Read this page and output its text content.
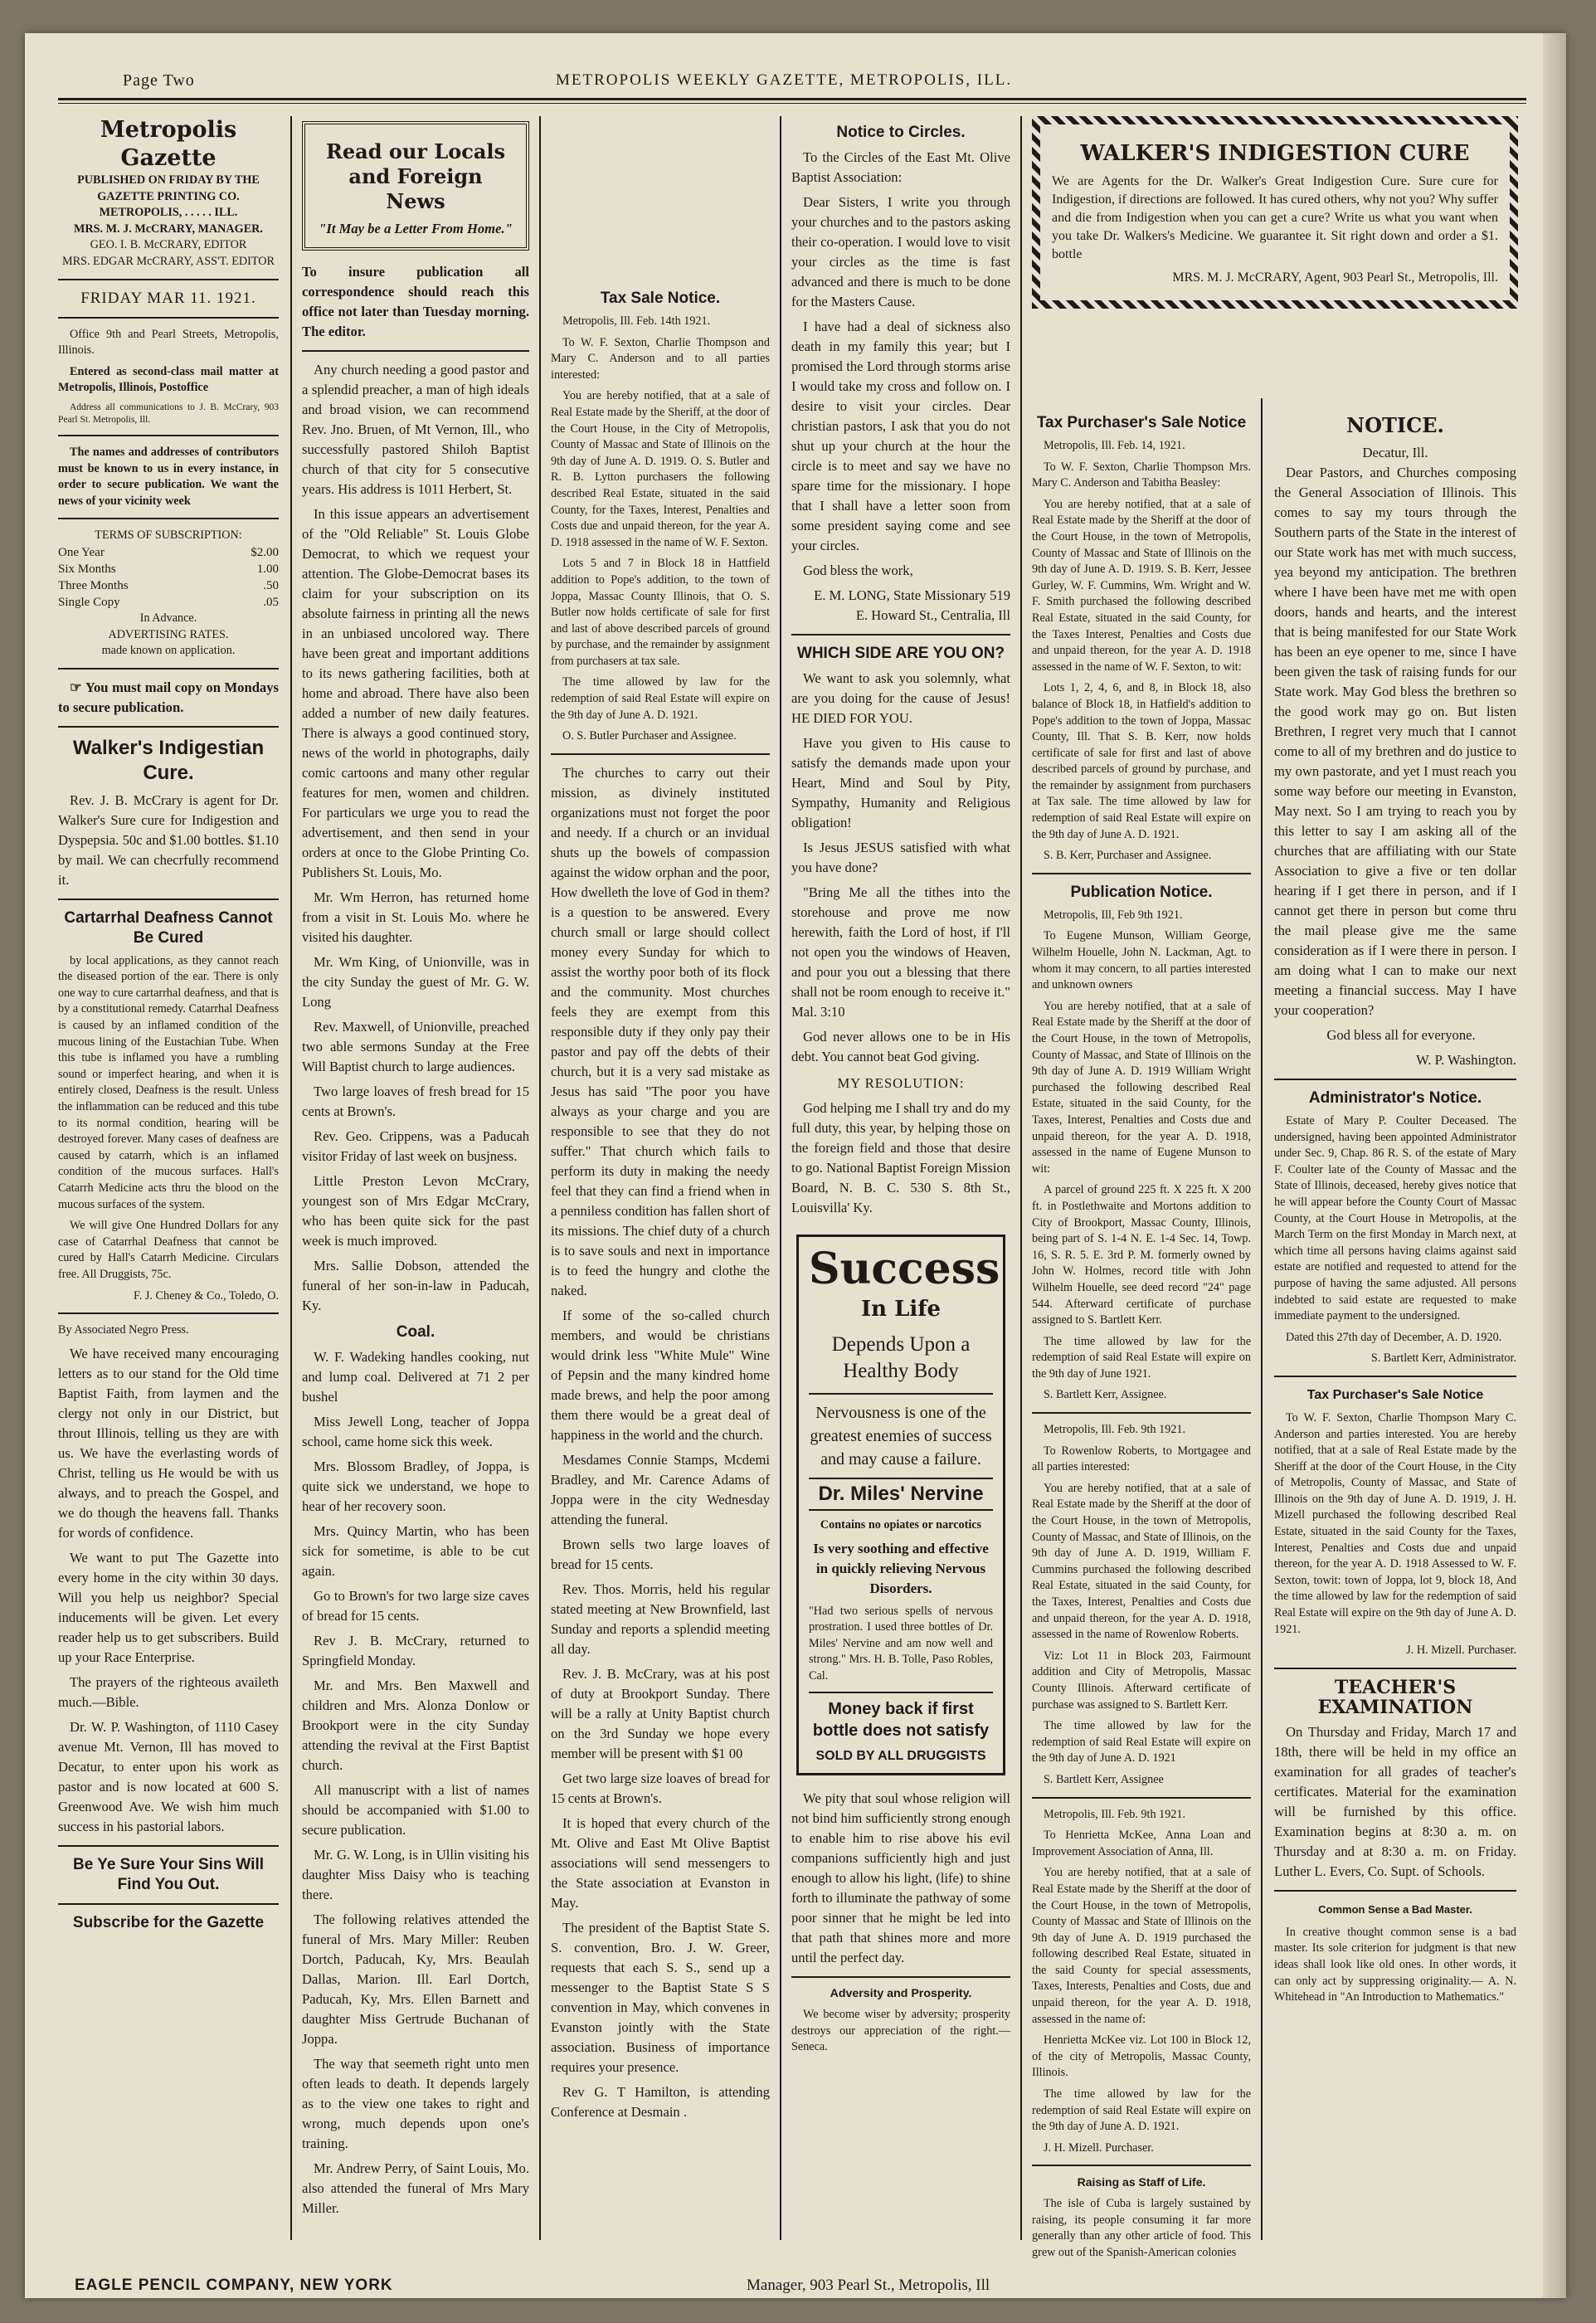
Page Two	METROPOLIS WEEKLY GAZETTE, METROPOLIS, ILL.
Metropolis Gazette
PUBLISHED ON FRIDAY BY THE GAZETTE PRINTING CO.
METROPOLIS, . . . . . ILL.
MRS. M. J. McCRARY, MANAGER.
GEO. I. B. McCRARY, EDITOR
MRS. EDGAR McCRARY, ASS'T. EDITOR
FRIDAY MAR 11. 1921.

Office 9th and Pearl Streets, Metropolis, Illinois.

Entered as second-class mail matter at Metropolis, Illinois, Postoffice

Address all communications to J. B. McCrary, 903 Pearl St. Metropolis, Ill.

The names and addresses of contributors must be known to us in every instance, in order to secure publication. We want the news of your vicinity week

TERMS OF SUBSCRIPTION:
One Year	$2.00
Six Months	1.00
Three Months	.50
Single Copy	.05
In Advance.
ADVERTISING RATES.
made known on application.

☞ You must mail copy on Mondays to secure publication.

Walker's Indigestian Cure.

Rev. J. B. McCrary is agent for Dr. Walker's Sure cure for Indigestion and Dyspepsia. 50c and $1.00 bottles. $1.10 by mail. We can checrfully recommend it.

Cartarrhal Deafness Cannot Be Cured

by local applications, as they cannot reach the diseased portion of the ear. There is only one way to cure cartarrhal deafness, and that is by a constitutional remedy. Catarrhal Deafness is caused by an inflamed condition of the mucous lining of the Eustachian Tube. When this tube is inflamed you have a rumbling sound or imperfect hearing, and when it is entirely closed, Deafness is the result. Unless the inflammation can be reduced and this tube to its normal condition, hearing will be destroyed forever. Many cases of deafness are caused by catarrh, which is an inflamed condition of the mucous surfaces. Hall's Catarrh Medicine acts thru the blood on the mucous surfaces of the system.

We will give One Hundred Dollars for any case of Catarrhal Deafness that cannot be cured by Hall's Catarrh Medicine. Circulars free. All Druggists, 75c.

F. J. Cheney & Co., Toledo, O.

By Associated Negro Press.

We have received many encouraging letters as to our stand for the Old time Baptist Faith, from laymen and the clergy not only in our District, but throut Illinois, telling us they are with us. We have the everlasting words of Christ, telling us He would be with us always, and to preach the Gospel, and we do though the heavens fall. Thanks for words of confidence.

We want to put The Gazette into every home in the city within 30 days. Will you help us neighbor? Special inducements will be given. Let every reader help us to get subscribers. Build up your Race Enterprise.

The prayers of the righteous availeth much.—Bible.

Dr. W. P. Washington, of 1110 Casey avenue Mt. Vernon, Ill has moved to Decatur, to enter upon his work as pastor and is now located at 600 S. Greenwood Ave. We wish him much success in his pastorial labors.

Be Ye Sure Your Sins Will Find You Out.
Subscribe for the Gazette
Read our Locals and Foreign News
"It May be a Letter From Home."

To insure publication all correspondence should reach this office not later than Tuesday morning. The editor.

Any church needing a good pastor and a splendid preacher, a man of high ideals and broad vision, we can recommend Rev. Jno. Bruen, of Mt Vernon, Ill., who successfully pastored Shiloh Baptist church of that city for 5 consecutive years. His address is 1011 Herbert, St.

In this issue appears an advertisement of the "Old Reliable" St. Louis Globe Democrat, to which we request your attention. The Globe-Democrat bases its claim for your subscription on its absolute fairness in printing all the news in an unbiased uncolored way. There have been great and important additions to its news gathering facilities, both at home and abroad. There have also been added a number of new daily features. There is always a good continued story, news of the world in photographs, daily comic cartoons and many other regular features for men, women and children. For particulars we urge you to read the advertisement, and then send in your orders at once to the Globe Printing Co. Publishers St. Louis, Mo.

Mr. Wm Herron, has returned home from a visit in St. Louis Mo. where he visited his daughter.

Mr. Wm King, of Unionville, was in the city Sunday the guest of Mr. G. W. Long

Rev. Maxwell, of Unionville, preached two able sermons Sunday at the Free Will Baptist church to large audiences.

Two large loaves of fresh bread for 15 cents at Brown's.

Rev. Geo. Crippens, was a Paducah visitor Friday of last week on busjness.

Little Preston Levon McCrary, youngest son of Mrs Edgar McCrary, who has been quite sick for the past week is much improved.

Mrs. Sallie Dobson, attended the funeral of her son-in-law in Paducah, Ky.

Coal.

W. F. Wadeking handles cooking, nut and lump coal. Delivered at 71 2 per bushel

Miss Jewell Long, teacher of Joppa school, came home sick this week.

Mrs. Blossom Bradley, of Joppa, is quite sick we understand, we hope to hear of her recovery soon.

Mrs. Quincy Martin, who has been sick for sometime, is able to be cut again.

Go to Brown's for two large size caves of bread for 15 cents.

Rev J. B. McCrary, returned to Springfield Monday.

Mr. and Mrs. Ben Maxwell and children and Mrs. Alonza Donlow or Brookport were in the city Sunday attending the revival at the First Baptist church.

All manuscript with a list of names should be accompanied with $1.00 to secure publication.

Mr. G. W. Long, is in Ullin visiting his daughter Miss Daisy who is teaching there.

The following relatives attended the funeral of Mrs. Mary Miller: Reuben Dortch, Paducah, Ky, Mrs. Beaulah Dallas, Marion. Ill. Earl Dortch, Paducah, Ky, Mrs. Ellen Barnett and daughter Miss Gertrude Buchanan of Joppa.

The way that seemeth right unto men often leads to death. It depends largely as to the view one takes to right and wrong, much depends upon one's training.

Mr. Andrew Perry, of Saint Louis, Mo. also attended the funeral of Mrs Mary Miller.

Tax Sale Notice.

Metropolis, Ill. Feb. 14th 1921.

To W. F. Sexton, Charlie Thompson and Mary C. Anderson and to all parties interested:

You are hereby notified, that at a sale of Real Estate made by the Sheriff, at the door of the Court House, in the City of Metropolis, County of Massac and State of Illinois on the 9th day of June A. D. 1919. O. S. Butler and R. B. Lytton purchasers the following described Real Estate, situated in the said County, for the Taxes, Interest, Penalties and Costs due and unpaid thereon, for the year A. D. 1918 assessed in the name of W. F. Sexton.

Lots 5 and 7 in Block 18 in Hattfield addition to Pope's addition, to the town of Joppa, Massac County Illinois, that O. S. Butler now holds certificate of sale for first and last of above described parcels of ground by purchase, and the remainder by assignment from purchasers at tax sale.

The time allowed by law for the redemption of said Real Estate will expire on the 9th day of June A. D. 1921.

O. S. Butler Purchaser and Assignee.

The churches to carry out their mission, as divinely instituted organizations must not forget the poor and needy. If a church or an invidual shuts up the bowels of compassion against the widow orphan and the poor, How dwelleth the love of God in them? is a question to be answered. Every church small or large should collect money every Sunday for which to assist the worthy poor both of its flock and the community. Most churches feels they are exempt from this responsible duty if they only pay their pastor and pay off the debts of their church, but it is a very sad mistake as Jesus has said "The poor you have always as your charge and you are responsible to see that they do not suffer." That church which fails to perform its duty in making the needy feel that they can find a friend when in a penniless condition has fallen short of its missions. The chief duty of a church is to save souls and next in importance is to feed the hungry and clothe the naked.

If some of the so-called church members, and would be christians would drink less "White Mule" Wine of Pepsin and the many kindred home made brews, and help the poor among them there would be a great deal of happiness in the world and the church.

Mesdames Connie Stamps, Mcdemi Bradley, and Mr. Carence Adams of Joppa were in the city Wednesday attending the funeral.

Brown sells two large loaves of bread for 15 cents.

Rev. Thos. Morris, held his regular stated meeting at New Brownfield, last Sunday and reports a splendid meeting all day.

Rev. J. B. McCrary, was at his post of duty at Brookport Sunday. There will be a rally at Unity Baptist church on the 3rd Sunday we hope every member will be present with $1 00

Get two large size loaves of bread for 15 cents at Brown's.

It is hoped that every church of the Mt. Olive and East Mt Olive Baptist associations will send messengers to the State association at Evanston in May.

The president of the Baptist State S. S. convention, Bro. J. W. Greer, requests that each S. S., send up a messenger to the Baptist State S S convention in May, which convenes in Evanston jointly with the State association. Business of importance requires your presence.

Rev G. T Hamilton, is attending Conference at Desmain .

Notice to Circles.

To the Circles of the East Mt. Olive Baptist Association:

Dear Sisters, I write you through your churches and to the pastors asking their co-operation. I would love to visit your circles as the time is fast advanced and there is much to be done for the Masters Cause.

I have had a deal of sickness also death in my family this year; but I promised the Lord through storms arise I would take my cross and follow on. I desire to visit your circles. Dear christian pastors, I ask that you do not shut up your church at the hour the circle is to meet and say we have no spare time for the missionary. I hope that I shall have a letter soon from some president saying come and see your circles.

God bless the work,

E. M. LONG, State Missionary 519 E. Howard St., Centralia, Ill

WHICH SIDE ARE YOU ON?

We want to ask you solemnly, what are you doing for the cause of Jesus! HE DIED FOR YOU.

Have you given to His cause to satisfy the demands made upon your Heart, Mind and Soul by Pity, Sympathy, Humanity and Religious obligation!

Is Jesus JESUS satisfied with what you have done?

"Bring Me all the tithes into the storehouse and prove me now herewith, faith the Lord of host, if I'll not open you the windows of Heaven, and pour you out a blessing that there shall not be room enough to receive it." Mal. 3:10

God never allows one to be in His debt. You cannot beat God giving.

MY RESOLUTION:

God helping me I shall try and do my full duty, this year, by helping those on the foreign field and those that desire to go. National Baptist Foreign Mission Board, N. B. C. 530 S. 8th St., Louisvilla' Ky.

Success
In Life
Depends Upon a Healthy Body
Nervousness is one of the greatest enemies of success and may cause a failure.
Dr. Miles' Nervine
Contains no opiates or narcotics
Is very soothing and effective in quickly relieving Nervous Disorders.
"Had two serious spells of nervous prostration. I used three bottles of Dr. Miles' Nervine and am now well and strong." Mrs. H. B. Tolle, Paso Robles, Cal.
Money back if first bottle does not satisfy
SOLD BY ALL DRUGGISTS

We pity that soul whose religion will not bind him sufficiently strong enough to enable him to rise above his evil companions sufficiently high and just enough to allow his light, (life) to shine forth to illuminate the pathway of some poor sinner that he might be led into that path that shines more and more until the perfect day.

Adversity and Prosperity.

We become wiser by adversity; prosperity destroys our appreciation of the right.—Seneca.

WALKER'S INDIGESTION CURE

We are Agents for the Dr. Walker's Great Indigestion Cure. Sure cure for Indigestion, if directions are followed. It has cured others, why not you? Why suffer and die from Indigestion when you can get a cure? Write us what you want when you take Dr. Walkers's Medicine. We guarantee it. Sit right down and order a $1. bottle

MRS. M. J. McCRARY, Agent, 903 Pearl St., Metropolis, Ill.

Tax Purchaser's Sale Notice

Metropolis, Ill. Feb. 14, 1921.

To W. F. Sexton, Charlie Thompson Mrs. Mary C. Anderson and Tabitha Beasley:

You are hereby notified, that at a sale of Real Estate made by the Sheriff at the door of the Court House, in the town of Metropolis, County of Massac and State of Illinois on the 9th day of June A. D. 1919. S. B. Kerr, Jessee Gurley, W. F. Cummins, Wm. Wright and W. F. Smith purchased the following described Real Estate, situated in the said County, for the Taxes Interest, Penalties and Costs due and unpaid thereon, for the year A. D. 1918 assessed in the name of W. F. Sexton, to wit:

Lots 1, 2, 4, 6, and 8, in Block 18, also balance of Block 18, in Hatfield's addition to Pope's addition to the town of Joppa, Massac County, Ill. That S. B. Kerr, now holds certificate of sale for first and last of above described parcels of ground by purchase, and the remainder by assignment from purchasers at Tax sale. The time allowed by law for redemption of said Real Estate will expire on the 9th day of June A. D. 1921.

S. B. Kerr, Purchaser and Assignee.

Publication Notice.

Metropolis, Ill, Feb 9th 1921.

To Eugene Munson, William George, Wilhelm Houelle, John N. Lackman, Agt. to whom it may concern, to all parties interested and unknown owners

You are hereby notified, that at a sale of Real Estate made by the Sheriff at the door of the Court House, in the town of Metropolis, County of Massac, and State of Illinois on the 9th day of June A. D. 1919 William Wright purchased the following described Real Estate, situated in the said County, for the Taxes, Interest, Penalties and Costs due and unpaid thereon, for the year A. D. 1918, assessed in the name of Eugene Munson to wit:

A parcel of ground 225 ft. X 225 ft. X 200 ft. in Postlethwaite and Mortons addition to City of Brookport, Massac County, Illinois, being part of S. 1-4 N. E. 1-4 Sec. 14, Towp. 16, S. R. 5. E. 3rd P. M. formerly owned by John W. Holmes, record title with John Wilhelm Houelle, see deed record "24" page 544. Afterward certificate of purchase assigned to S. Bartlett Kerr.

The time allowed by law for the redemption of said Real Estate will expire on the 9th day of June 1921.

S. Bartlett Kerr, Assignee.

Metropolis, Ill. Feb. 9th 1921.

To Rowenlow Roberts, to Mortgagee and all parties interested:

You are hereby notified, that at a sale of Real Estate made by the Sheriff at the door of the Court House, in the town of Metropolis, County of Massac, and State of Illinois, on the 9th day of June A. D. 1919, William F. Cummins purchased the following described Real Estate, situated in the said County, for the Taxes, Interest, Penalties and Costs due and unpaid thereon, for the year A. D. 1918, assessed in the name of Rowenlow Roberts.

Viz: Lot 11 in Block 203, Fairmount addition and City of Metropolis, Massac County Illinois. Afterward certificate of purchase was assigned to S. Bartlett Kerr.

The time allowed by law for the redemption of said Real Estate will expire on the 9th day of June A. D. 1921

S. Bartlett Kerr, Assignee

Metropolis, Ill. Feb. 9th 1921.

To Henrietta McKee, Anna Loan and Improvement Association of Anna, Ill.

You are hereby notified, that at a sale of Real Estate made by the Sheriff at the door of the Court House, in the town of Metropolis, County of Massac and State of Illinois on the 9th day of June A. D. 1919 purchased the following described Real Estate, situated in the said County for special assessments, Taxes, Interests, Penalties and Costs, due and unpaid thereon, for the year A. D. 1918, assessed in the name of:

Henrietta McKee viz. Lot 100 in Block 12, of the city of Metropolis, Massac County, Illinois.

The time allowed by law for the redemption of said Real Estate will expire on the 9th day of June A. D. 1921.

J. H. Mizell. Purchaser.

Raising as Staff of Life.

The isle of Cuba is largely sustained by raising, its people consuming it far more generally than any other article of food. This grew out of the Spanish-American colonies

NOTICE.
Decatur, Ill.

Dear Pastors, and Churches composing the General Association of Illinois. This comes to say my tours through the Southern parts of the State in the interest of our State work has met with much success, yea beyond my anticipation. The brethren where I have been have met me with open doors, hands and hearts, and the interest that is being manifested for our State Work has been an eye opener to me, since I have been given the task of raising funds for our State work. May God bless the brethren so the good work may go on. But listen Brethren, I regret very much that I cannot come to all of my brethren and do justice to my own pastorate, and yet I must reach you some way before our meeting in Evanston, May next. So I am trying to reach you by this letter to say I am asking all of the churches that are affiliating with our State Association to give a five or ten dollar hearing if I get there in person, and if I cannot get there in person but come thru the mail please give me the same consideration as if I were there in person. I am doing what I can to make our next meeting a financial success. May I have your cooperation?

God bless all for everyone.

W. P. Washington.

Administrator's Notice.

Estate of Mary P. Coulter Deceased. The undersigned, having been appointed Administrator under Sec. 9, Chap. 86 R. S. of the estate of Mary F. Coulter late of the County of Massac and the State of Illinois, deceased, hereby gives notice that he will appear before the County Court of Massac County, at the Court House in Metropolis, at the March Term on the first Monday in March next, at which time all persons having claims against said estate are notified and requested to attend for the purpose of having the same adjusted. All persons indebted to said estate are requested to make immediate payment to the undersigned.

Dated this 27th day of December, A. D. 1920.

S. Bartlett Kerr, Administrator.

Tax Purchaser's Sale Notice

To W. F. Sexton, Charlie Thompson Mary C. Anderson and parties interested. You are hereby notified, that at a sale of Real Estate made by the Sheriff at the door of the Court House, in the City of Metropolis, County of Massac, and State of Illinois on the 9th day of June A. D. 1919, J. H. Mizell purchased the following described Real Estate, situated in the said County for the Taxes, Interest, Penalties and Costs due and unpaid thereon, for the year A. D. 1918 Assessed to W. F. Sexton, towit: town of Joppa, lot 9, block 18, And the time allowed by law for the redemption of said Real Estate will expire on the 9th day of June A. D. 1921.

J. H. Mizell. Purchaser.

TEACHER'S EXAMINATION

On Thursday and Friday, March 17 and 18th, there will be held in my office an examination for all grades of teacher's certificates. Material for the examination will be furnished by this office. Examination begins at 8:30 a. m. on Thursday and at 8:30 a. m. on Friday. Luther L. Evers, Co. Supt. of Schools.

Common Sense a Bad Master.

In creative thought common sense is a bad master. Its sole criterion for judgment is that new ideas shall look like old ones. In other words, it can only act by suppressing originality.— A. N. Whitehead in "An Introduction to Mathematics."

EAGLE PENCIL COMPANY, NEW YORK	Manager, 903 Pearl St., Metropolis, Ill
